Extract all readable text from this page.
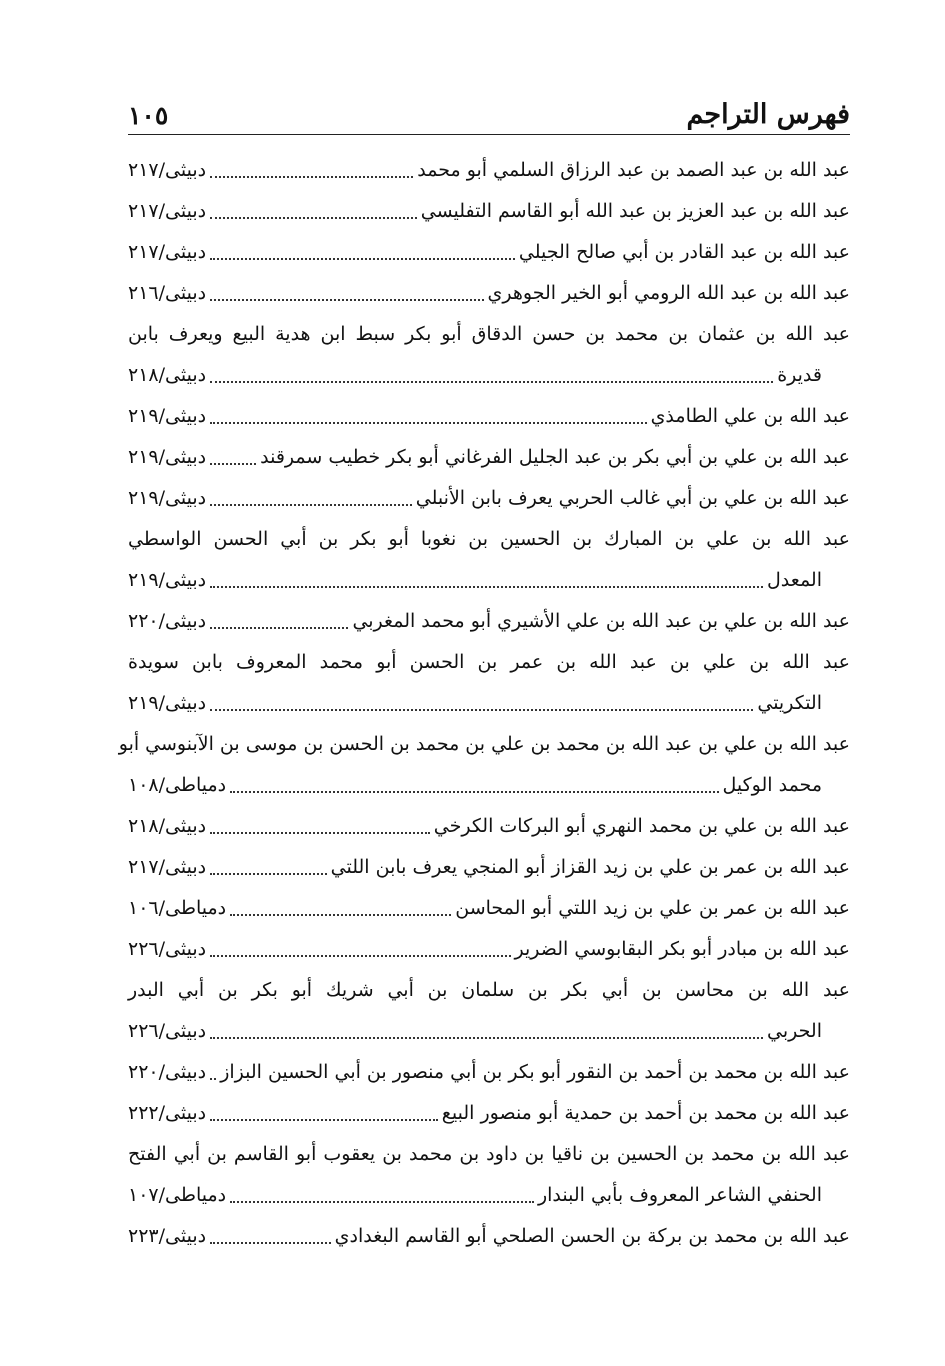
فهرس التراجم
١٠٥
عبد الله بن عبد الصمد بن عبد الرزاق السلمي أبو محمد
دبيثى/٢١٧
عبد الله بن عبد العزيز بن عبد الله أبو القاسم التفليسي
دبيثى/٢١٧
عبد الله بن عبد القادر بن أبي صالح الجيلي
دبيثى/٢١٧
عبد الله بن عبد الله الرومي أبو الخير الجوهري
دبيثى/٢١٦
عبد الله بن عثمان بن محمد بن حسن الدقاق أبو بكر سبط ابن هدية البيع ويعرف بابن
قديرة
دبيثى/٢١٨
عبد الله بن علي الطامذي
دبيثى/٢١٩
عبد الله بن علي بن أبي بكر بن عبد الجليل الفرغاني أبو بكر خطيب سمرقند
دبيثى/٢١٩
عبد الله بن علي بن أبي غالب الحربي يعرف بابن الأنبلي
دبيثى/٢١٩
عبد الله بن علي بن المبارك بن الحسين بن نغوبا أبو بكر بن أبي الحسن الواسطي
المعدل
دبيثى/٢١٩
عبد الله بن علي بن عبد الله بن علي الأشيري أبو محمد المغربي
دبيثى/٢٢٠
عبد الله بن علي بن عبد الله بن عمر بن الحسن أبو محمد المعروف بابن سويدة
التكريتي
دبيثى/٢١٩
عبد الله بن علي بن عبد الله بن محمد بن علي بن محمد بن الحسن بن موسى بن الآبنوسي أبو
محمد الوكيل
دمياطى/١٠٨
عبد الله بن علي بن محمد النهري أبو البركات الكرخي
دبيثى/٢١٨
عبد الله بن عمر بن علي بن زيد القزاز أبو المنجي يعرف بابن اللتي
دبيثى/٢١٧
عبد الله بن عمر بن علي بن زيد اللتي أبو المحاسن
دمياطى/١٠٦
عبد الله بن مبادر أبو بكر البقابوسي الضرير
دبيثى/٢٢٦
عبد الله بن محاسن بن أبي بكر بن سلمان بن أبي شريك أبو بكر بن أبي البدر
الحربي
دبيثى/٢٢٦
عبد الله بن محمد بن أحمد بن النقور أبو بكر بن أبي منصور بن أبي الحسين البزاز
دبيثى/٢٢٠
عبد الله بن محمد بن أحمد بن حمدية أبو منصور البيع
دبيثى/٢٢٢
عبد الله بن محمد بن الحسين بن ناقيا بن داود بن محمد بن يعقوب أبو القاسم بن أبي الفتح
الحنفي الشاعر المعروف بأبي البندار
دمياطى/١٠٧
عبد الله بن محمد بن بركة بن الحسن الصلحي أبو القاسم البغدادي
دبيثى/٢٢٣
